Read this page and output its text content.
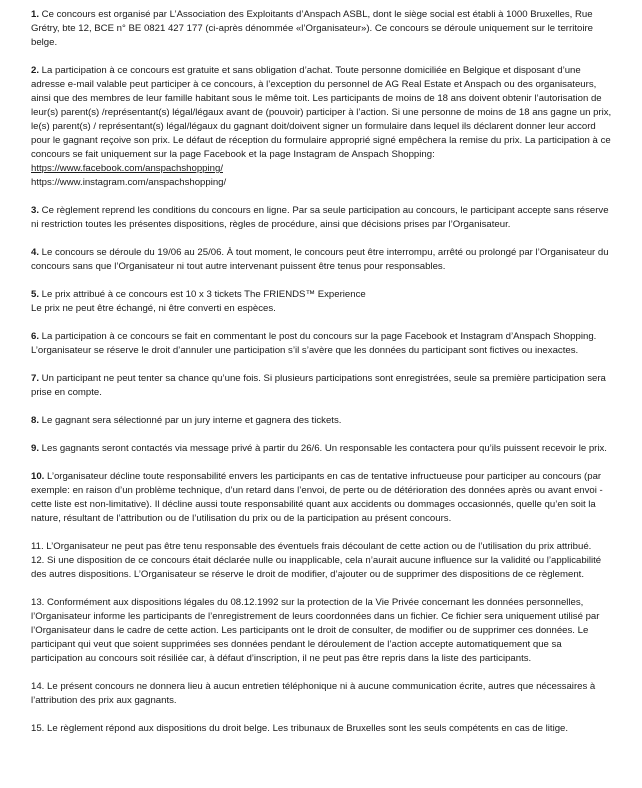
1. Ce concours est organisé par L’Association des Exploitants d’Anspach ASBL, dont le siège social est établi à 1000 Bruxelles, Rue Grétry, bte 12, BCE n° BE 0821 427 177 (ci-après dénommée «l’Organisateur»). Ce concours se déroule uniquement sur le territoire belge.

2. La participation à ce concours est gratuite et sans obligation d’achat. Toute personne domiciliée en Belgique et disposant d’une adresse e-mail valable peut participer à ce concours, à l’exception du personnel de AG Real Estate et Anspach ou des organisateurs, ainsi que des membres de leur famille habitant sous le même toit. Les participants de moins de 18 ans doivent obtenir l’autorisation de leur(s) parent(s) /représentant(s) légal/légaux avant de (pouvoir) participer à l’action. Si une personne de moins de 18 ans gagne un prix, le(s) parent(s) / représentant(s) légal/légaux du gagnant doit/doivent signer un formulaire dans lequel ils déclarent donner leur accord pour le gagnant reçoive son prix. Le défaut de réception du formulaire approprié signé empêchera la remise du prix. La participation à ce concours se fait uniquement sur la page Facebook et la page Instagram de Anspach Shopping: https://www.facebook.com/anspachshopping/
https://www.instagram.com/anspachshopping/

3. Ce règlement reprend les conditions du concours en ligne. Par sa seule participation au concours, le participant accepte sans réserve ni restriction toutes les présentes dispositions, règles de procédure, ainsi que décisions prises par l’Organisateur.

4. Le concours se déroule du 19/06 au 25/06. À tout moment, le concours peut être interrompu, arrêté ou prolongé par l’Organisateur du concours sans que l’Organisateur ni tout autre intervenant puissent être tenus pour responsables.

5. Le prix attribué à ce concours est 10 x 3 tickets The FRIENDS™ Experience
Le prix ne peut être échangé, ni être converti en espèces.

6. La participation à ce concours se fait en commentant le post du concours sur la page Facebook et Instagram d’Anspach Shopping. L’organisateur se réserve le droit d’annuler une participation s’il s’avère que les données du participant sont fictives ou inexactes.

7. Un participant ne peut tenter sa chance qu’une fois. Si plusieurs participations sont enregistrées, seule sa première participation sera prise en compte.

8. Le gagnant sera sélectionné par un jury interne et gagnera des tickets.

9. Les gagnants seront contactés via message privé à partir du 26/6. Un responsable les contactera pour qu’ils puissent recevoir le prix.

10. L’organisateur décline toute responsabilité envers les participants en cas de tentative infructueuse pour participer au concours (par exemple: en raison d’un problème technique, d’un retard dans l’envoi, de perte ou de détérioration des données après ou avant envoi - cette liste est non-limitative). Il décline aussi toute responsabilité quant aux accidents ou dommages occasionnés, quelle qu’en soit la nature, résultant de l’attribution ou de l’utilisation du prix ou de la participation au présent concours.

11. L’Organisateur ne peut pas être tenu responsable des éventuels frais découlant de cette action ou de l’utilisation du prix attribué.

12. Si une disposition de ce concours était déclarée nulle ou inapplicable, cela n’aurait aucune influence sur la validité ou l’applicabilité des autres dispositions. L’Organisateur se réserve le droit de modifier, d’ajouter ou de supprimer des dispositions de ce règlement.

13. Conformément aux dispositions légales du 08.12.1992 sur la protection de la Vie Privée concernant les données personnelles, l’Organisateur informe les participants de l’enregistrement de leurs coordonnées dans un fichier. Ce fichier sera uniquement utilisé par l’Organisateur dans le cadre de cette action. Les participants ont le droit de consulter, de modifier ou de supprimer ces données. Le participant qui veut que soient supprimées ses données pendant le déroulement de l’action accepte automatiquement que sa participation au concours soit résiliée car, à défaut d’inscription, il ne peut pas être repris dans la liste des participants.

14. Le présent concours ne donnera lieu à aucun entretien téléphonique ni à aucune communication écrite, autres que nécessaires à l’attribution des prix aux gagnants.

15. Le règlement répond aux dispositions du droit belge. Les tribunaux de Bruxelles sont les seuls compétents en cas de litige.
